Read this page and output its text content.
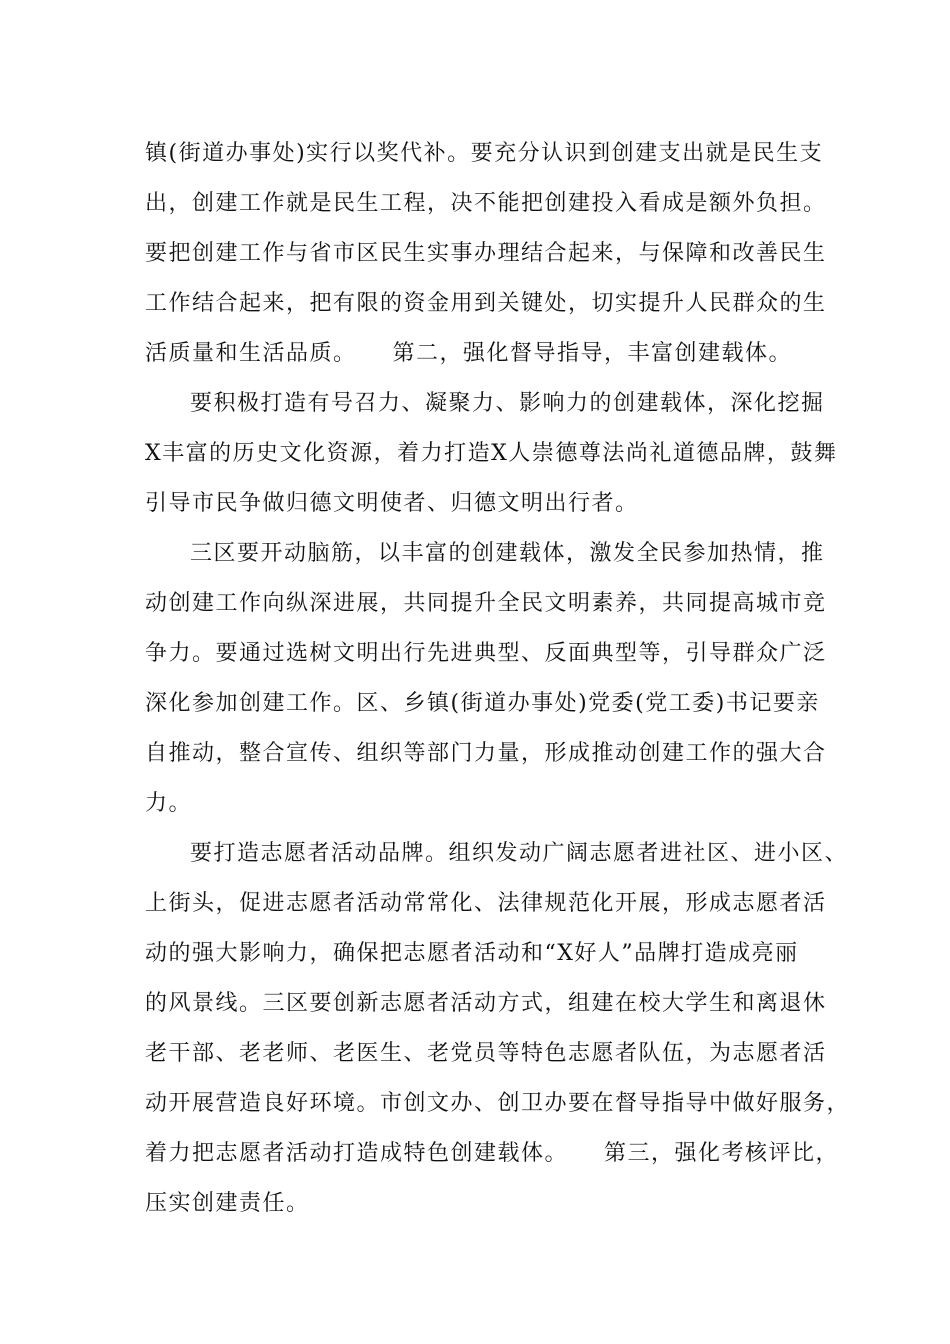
镇(街道办事处)实行以奖代补。要充分认识到创建支出就是民生支
出，创建工作就是民生工程，决不能把创建投入看成是额外负担。
要把创建工作与省市区民生实事办理结合起来，与保障和改善民生
工作结合起来，把有限的资金用到关键处，切实提升人民群众的生
活质量和生活品质。　　第二，强化督导指导，丰富创建载体。
要积极打造有号召力、凝聚力、影响力的创建载体，深化挖掘
X丰富的历史文化资源，着力打造X人崇德尊法尚礼道德品牌，鼓舞
引导市民争做归德文明使者、归德文明出行者。
三区要开动脑筋，以丰富的创建载体，激发全民参加热情，推
动创建工作向纵深进展，共同提升全民文明素养，共同提高城市竞
争力。要通过选树文明出行先进典型、反面典型等，引导群众广泛
深化参加创建工作。区、乡镇(街道办事处)党委(党工委)书记要亲
自推动，整合宣传、组织等部门力量，形成推动创建工作的强大合
力。
要打造志愿者活动品牌。组织发动广阔志愿者进社区、进小区、
上街头，促进志愿者活动常常化、法律规范化开展，形成志愿者活
动的强大影响力，确保把志愿者活动和“X好人”品牌打造成亮丽
的风景线。三区要创新志愿者活动方式，组建在校大学生和离退休
老干部、老老师、老医生、老党员等特色志愿者队伍，为志愿者活
动开展营造良好环境。市创文办、创卫办要在督导指导中做好服务，
着力把志愿者活动打造成特色创建载体。　　第三，强化考核评比，
压实创建责任。
